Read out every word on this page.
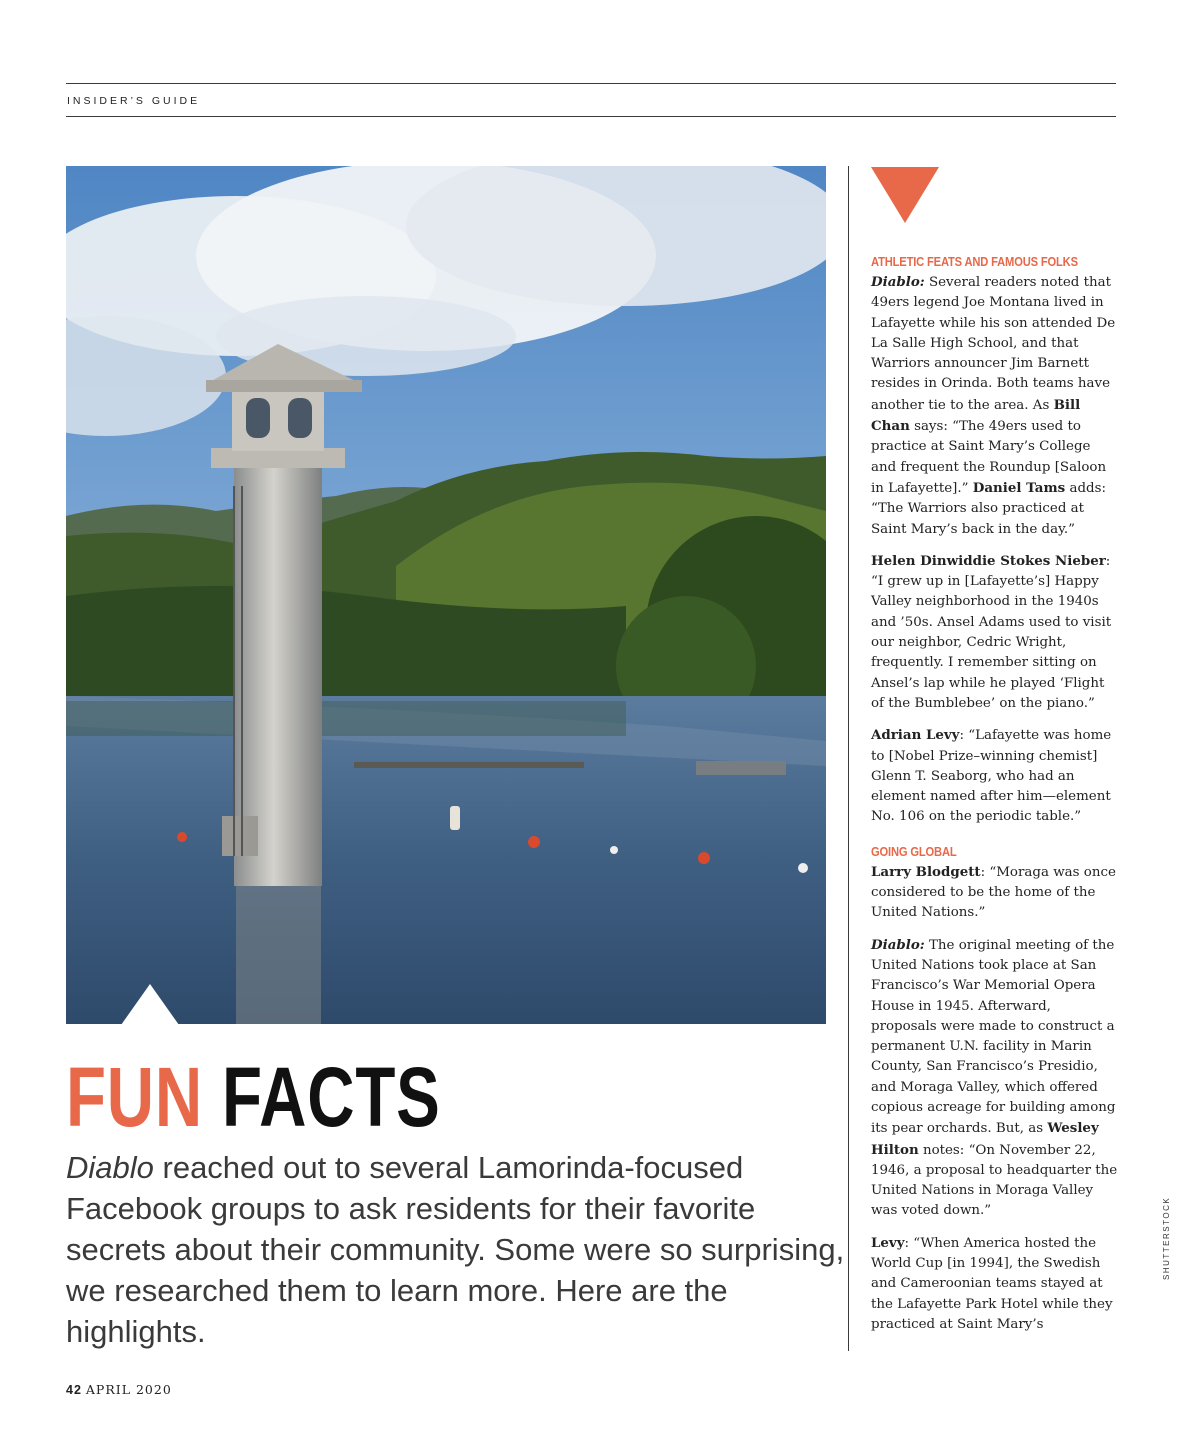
INSIDER’S GUIDE
FUN FACTS
Diablo reached out to several Lamorinda-focused Facebook groups to ask residents for their favorite secrets about their community. Some were so surprising, we researched them to learn more. Here are the highlights.
42 APRIL 2020

ATHLETIC FEATS AND FAMOUS FOLKS

Diablo: Several readers noted that 49ers legend Joe Montana lived in Lafayette while his son attended De La Salle High School, and that Warriors announcer Jim Barnett resides in Orinda. Both teams have another tie to the area. As Bill Chan says: “The 49ers used to practice at Saint Mary’s College and frequent the Roundup [Saloon in Lafayette].” Daniel Tams adds: “The Warriors also practiced at Saint Mary’s back in the day.”

Helen Dinwiddie Stokes Nieber: “I grew up in [Lafayette’s] Happy Valley neighborhood in the 1940s and ’50s. Ansel Adams used to visit our neighbor, Cedric Wright, frequently. I remember sitting on Ansel’s lap while he played ‘Flight of the Bumblebee’ on the piano.”

Adrian Levy: “Lafayette was home to [Nobel Prize–winning chemist] Glenn T. Seaborg, who had an element named after him—element No. 106 on the periodic table.”

GOING GLOBAL

Larry Blodgett: “Moraga was once considered to be the home of the United Nations.”

Diablo: The original meeting of the United Nations took place at San Francisco’s War Memorial Opera House in 1945. Afterward, proposals were made to construct a permanent U.N. facility in Marin County, San Francisco’s Presidio, and Moraga Valley, which offered copious acreage for building among its pear orchards. But, as Wesley Hilton notes: “On November 22, 1946, a proposal to headquarter the United Nations in Moraga Valley was voted down.”

Levy: “When America hosted the World Cup [in 1994], the Swedish and Cameroonian teams stayed at the Lafayette Park Hotel while they practiced at Saint Mary’s

SHUTTERSTOCK
